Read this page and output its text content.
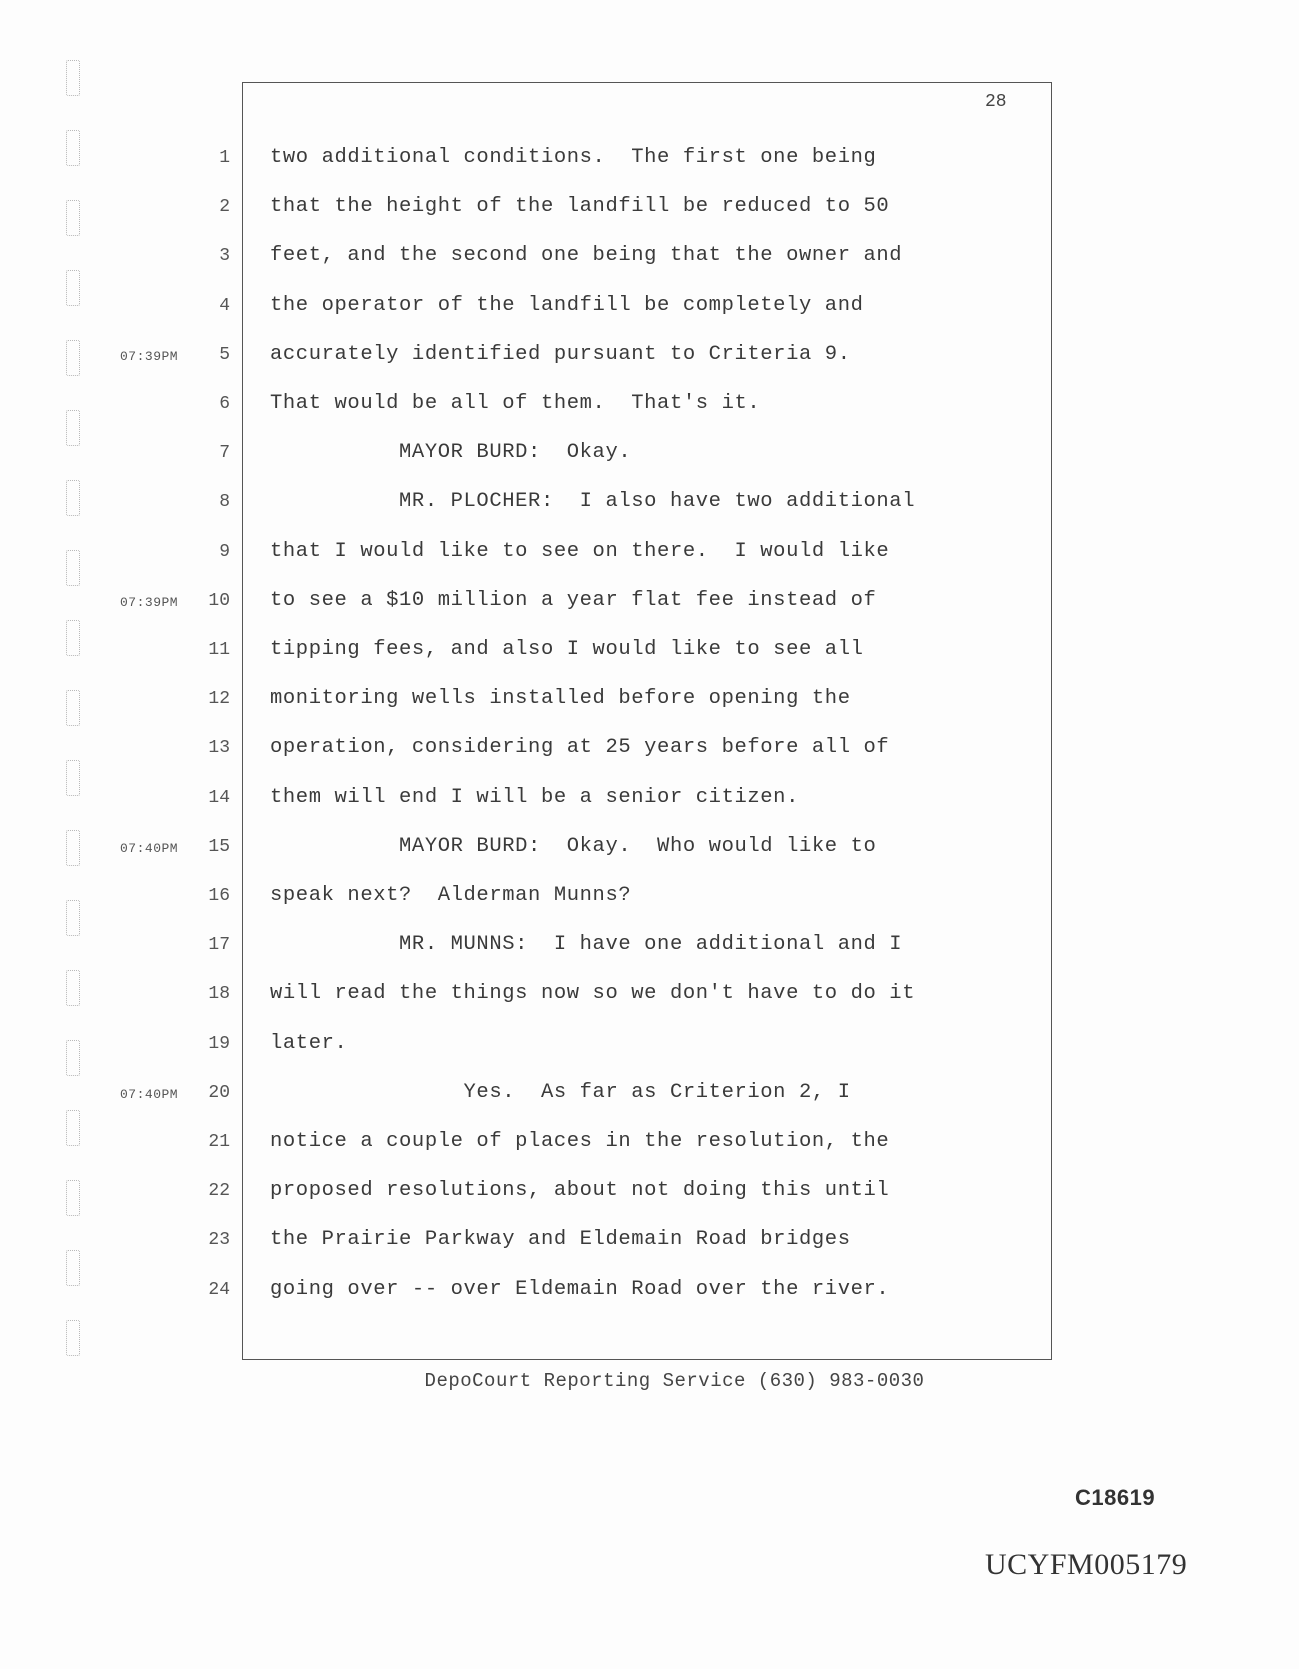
28
1 two additional conditions.  The first one being
2 that the height of the landfill be reduced to 50
3 feet, and the second one being that the owner and
4 the operator of the landfill be completely and
07:39PM	5 accurately identified pursuant to Criteria 9.
6 That would be all of them.  That's it.
7 MAYOR BURD:  Okay.
8 MR. PLOCHER:  I also have two additional
9 that I would like to see on there.  I would like
07:39PM	10 to see a $10 million a year flat fee instead of
11 tipping fees, and also I would like to see all
12 monitoring wells installed before opening the
13 operation, considering at 25 years before all of
14 them will end I will be a senior citizen.
07:40PM	15 MAYOR BURD:  Okay.  Who would like to
16 speak next?  Alderman Munns?
17 MR. MUNNS:  I have one additional and I
18 will read the things now so we don't have to do it
19 later.
07:40PM	20 Yes.  As far as Criterion 2, I
21 notice a couple of places in the resolution, the
22 proposed resolutions, about not doing this until
23 the Prairie Parkway and Eldemain Road bridges
24 going over -- over Eldemain Road over the river.
DepoCourt Reporting Service (630) 983-0030
C18619
UCYFM005179
